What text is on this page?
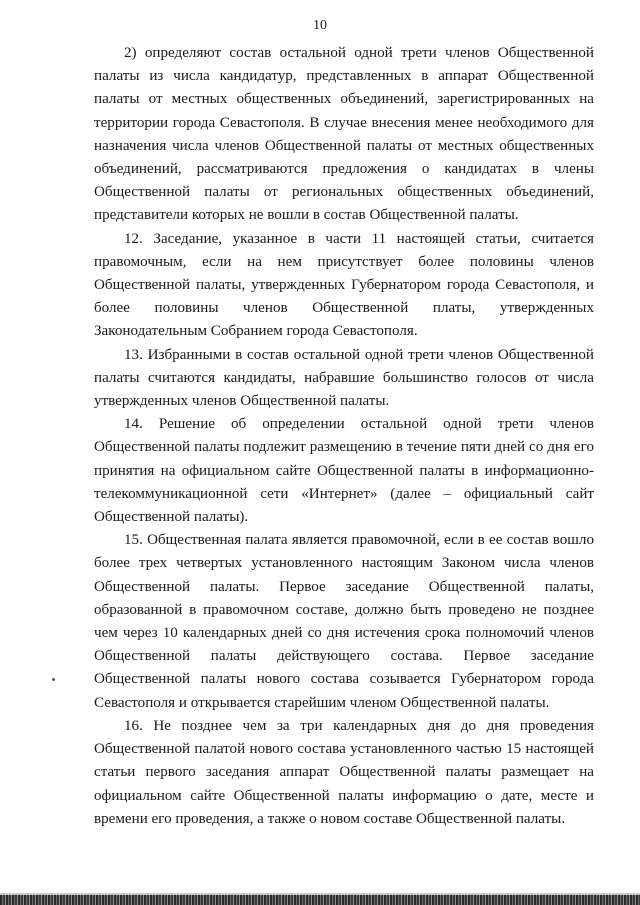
10

2) определяют состав остальной одной трети членов Общественной палаты из числа кандидатур, представленных в аппарат Общественной палаты от местных общественных объединений, зарегистрированных на территории города Севастополя. В случае внесения менее необходимого для назначения числа членов Общественной палаты от местных общественных объединений, рассматриваются предложения о кандидатах в члены Общественной палаты от региональных общественных объединений, представители которых не вошли в состав Общественной палаты.

12. Заседание, указанное в части 11 настоящей статьи, считается правомочным, если на нем присутствует более половины членов Общественной палаты, утвержденных Губернатором города Севастополя, и более половины членов Общественной платы, утвержденных Законодательным Собранием города Севастополя.

13. Избранными в состав остальной одной трети членов Общественной палаты считаются кандидаты, набравшие большинство голосов от числа утвержденных членов Общественной палаты.

14. Решение об определении остальной одной трети членов Общественной палаты подлежит размещению в течение пяти дней со дня его принятия на официальном сайте Общественной палаты в информационно-телекоммуникационной сети «Интернет» (далее – официальный сайт Общественной палаты).

15. Общественная палата является правомочной, если в ее состав вошло более трех четвертых установленного настоящим Законом числа членов Общественной палаты. Первое заседание Общественной палаты, образованной в правомочном составе, должно быть проведено не позднее чем через 10 календарных дней со дня истечения срока полномочий членов Общественной палаты действующего состава. Первое заседание Общественной палаты нового состава созывается Губернатором города Севастополя и открывается старейшим членом Общественной палаты.

16. Не позднее чем за три календарных дня до дня проведения Общественной палатой нового состава установленного частью 15 настоящей статьи первого заседания аппарат Общественной палаты размещает на официальном сайте Общественной палаты информацию о дате, месте и времени его проведения, а также о новом составе Общественной палаты.
